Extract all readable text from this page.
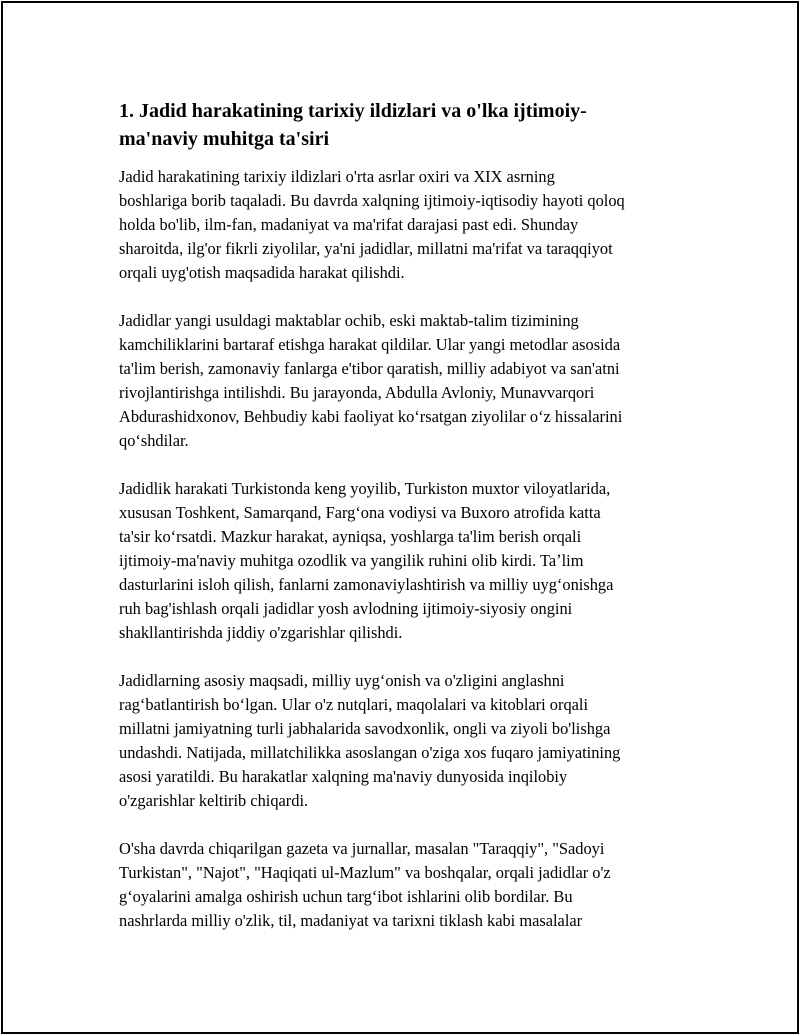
1. Jadid harakatining tarixiy ildizlari va o'lka ijtimoiy-
ma'naviy muhitga ta'siri

Jadid harakatining tarixiy ildizlari o'rta asrlar oxiri va XIX asrning
boshlariga borib taqaladi. Bu davrda xalqning ijtimoiy-iqtisodiy hayoti qoloq
holda bo'lib, ilm-fan, madaniyat va ma'rifat darajasi past edi. Shunday
sharoitda, ilg'or fikrli ziyolilar, ya'ni jadidlar, millatni ma'rifat va taraqqiyot
orqali uyg'otish maqsadida harakat qilishdi.

Jadidlar yangi usuldagi maktablar ochib, eski maktab-talim tizimining
kamchiliklarini bartaraf etishga harakat qildilar. Ular yangi metodlar asosida
ta'lim berish, zamonaviy fanlarga e'tibor qaratish, milliy adabiyot va san'atni
rivojlantirishga intilishdi. Bu jarayonda, Abdulla Avloniy, Munavvarqori
Abdurashidxonov, Behbudiy kabi faoliyat koʻrsatgan ziyolilar oʻz hissalarini
qoʻshdilar.

Jadidlik harakati Turkistonda keng yoyilib, Turkiston muxtor viloyatlarida,
xususan Toshkent, Samarqand, Fargʻona vodiysi va Buxoro atrofida katta
ta'sir koʻrsatdi. Mazkur harakat, ayniqsa, yoshlarga ta'lim berish orqali
ijtimoiy-ma'naviy muhitga ozodlik va yangilik ruhini olib kirdi. Taʼlim
dasturlarini isloh qilish, fanlarni zamonaviylashtirish va milliy uygʻonishga
ruh bag'ishlash orqali jadidlar yosh avlodning ijtimoiy-siyosiy ongini
shakllantirishda jiddiy o'zgarishlar qilishdi.

Jadidlarning asosiy maqsadi, milliy uygʻonish va o'zligini anglashni
ragʻbatlantirish boʻlgan. Ular o'z nutqlari, maqolalari va kitoblari orqali
millatni jamiyatning turli jabhalarida savodxonlik, ongli va ziyoli bo'lishga
undashdi. Natijada, millatchilikka asoslangan o'ziga xos fuqaro jamiyatining
asosi yaratildi. Bu harakatlar xalqning ma'naviy dunyosida inqilobiy
o'zgarishlar keltirib chiqardi.

O'sha davrda chiqarilgan gazeta va jurnallar, masalan "Taraqqiy", "Sadoyi
Turkistan", "Najot", "Haqiqati ul-Mazlum" va boshqalar, orqali jadidlar o'z
gʻoyalarini amalga oshirish uchun targʻibot ishlarini olib bordilar. Bu
nashrlarda milliy o'zlik, til, madaniyat va tarixni tiklash kabi masalalar
